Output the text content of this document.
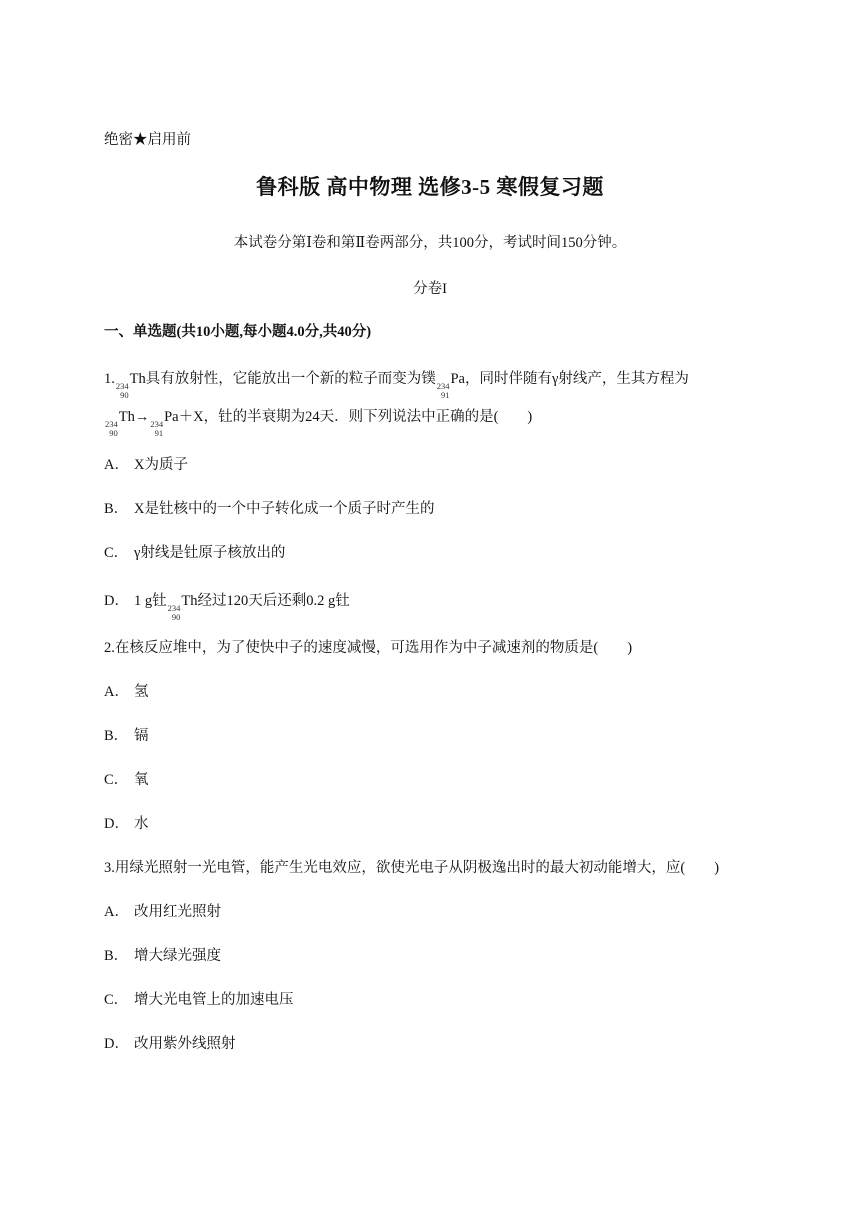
绝密★启用前
鲁科版 高中物理 选修3-5 寒假复习题
本试卷分第Ⅰ卷和第Ⅱ卷两部分，共100分，考试时间150分钟。
分卷I
一、单选题(共10小题,每小题4.0分,共40分)
1. 234
90
Th具有放射性，它能放出一个新的粒子而变为镤 234
91
Pa，同时伴随有γ射线产，生其方程为
234
90
Th→ 234
91
Pa＋X，钍的半衰期为24天．则下列说法中正确的是(　　)
A． X为质子
B． X是钍核中的一个中子转化成一个质子时产生的
C． γ射线是钍原子核放出的
D． 1 g钍 234
90
Th经过120天后还剩0.2 g钍
2.在核反应堆中，为了使快中子的速度减慢，可选用作为中子减速剂的物质是(　　)
A． 氢
B． 镉
C． 氧
D． 水
3.用绿光照射一光电管，能产生光电效应，欲使光电子从阴极逸出时的最大初动能增大，应(　　)
A． 改用红光照射
B． 增大绿光强度
C． 增大光电管上的加速电压
D． 改用紫外线照射
